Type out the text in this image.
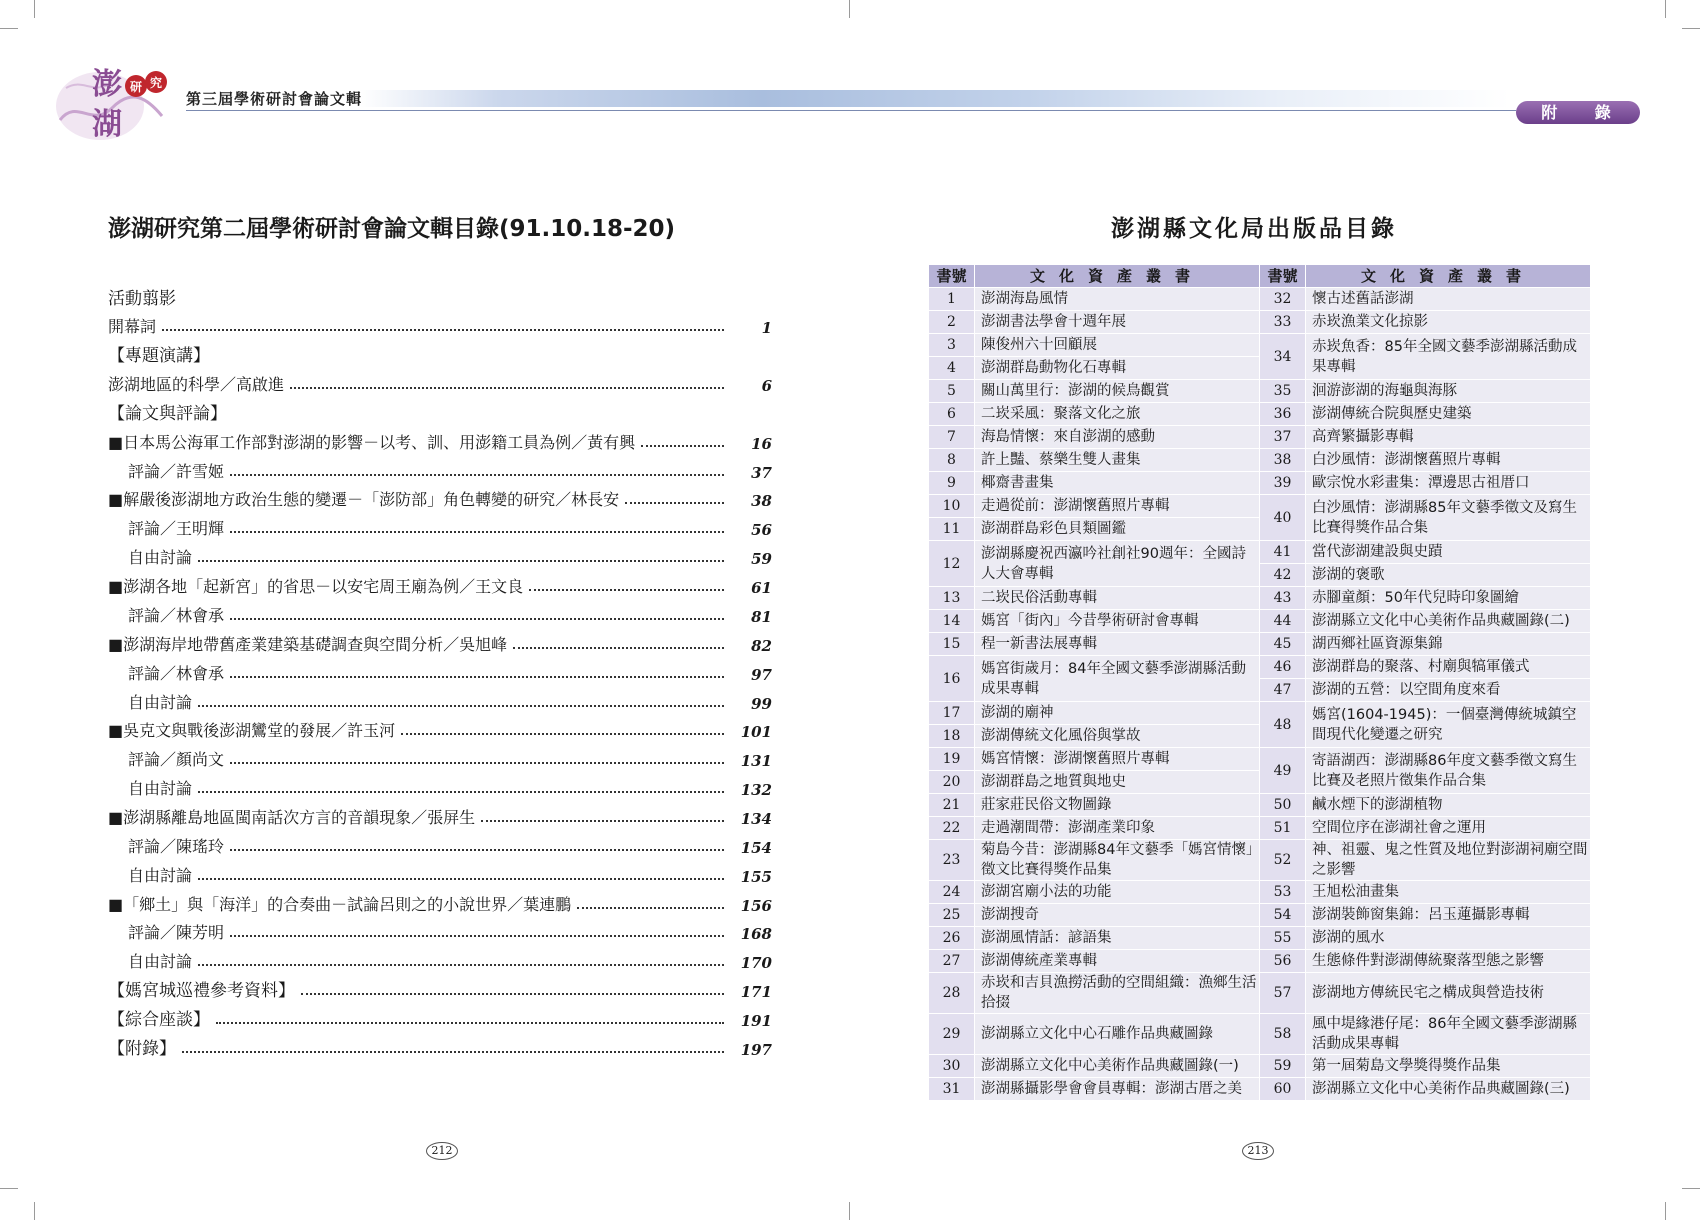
澎
湖
研 究
第三屆學術研討會論文輯
附 錄
澎湖研究第二屆學術研討會論文輯目錄(91.10.18-20)
活動翦影
開幕詞	1
【專題演講】
澎湖地區的科學／高啟進	6
【論文與評論】
■日本馬公海軍工作部對澎湖的影響－以考、訓、用澎籍工員為例／黃有興	16
評論／許雪姬	37
■解嚴後澎湖地方政治生態的變遷－「澎防部」角色轉變的研究／林長安	38
評論／王明輝	56
自由討論	59
■澎湖各地「起新宮」的省思－以安宅周王廟為例／王文良	61
評論／林會承	81
■澎湖海岸地帶舊產業建築基礎調查與空間分析／吳旭峰	82
評論／林會承	97
自由討論	99
■吳克文與戰後澎湖鸞堂的發展／許玉河	101
評論／顏尚文	131
自由討論	132
■澎湖縣離島地區閩南話次方言的音韻現象／張屏生	134
評論／陳瑤玲	154
自由討論	155
■「鄉土」與「海洋」的合奏曲－試論呂則之的小說世界／葉連鵬	156
評論／陳芳明	168
自由討論	170
【媽宮城巡禮參考資料】	171
【綜合座談】	191
【附錄】	197
澎湖縣文化局出版品目錄
書號	文化資產叢書	書號	文化資產叢書
1	澎湖海島風情	32	懷古述舊話澎湖
2	澎湖書法學會十週年展	33	赤崁漁業文化掠影
3	陳俊州六十回顧展	34	赤崁魚香：85年全國文藝季澎湖縣活動成果專輯
4	澎湖群島動物化石專輯		
5	關山萬里行：澎湖的候鳥觀賞	35	洄游澎湖的海龜與海豚
6	二崁采風：聚落文化之旅	36	澎湖傳統合院與歷史建築
7	海島情懷：來自澎湖的感動	37	高齊繁攝影專輯
8	許上豔、蔡樂生雙人畫集	38	白沙風情：澎湖懷舊照片專輯
9	椰齋書畫集	39	歐宗悅水彩畫集：潭邊思古祖厝口
10	走過從前：澎湖懷舊照片專輯	40	白沙風情：澎湖縣85年文藝季徵文及寫生比賽得獎作品合集
11	澎湖群島彩色貝類圖鑑		
12	澎湖縣慶祝西瀛吟社創社90週年：全國詩人大會專輯	41	當代澎湖建設與史蹟
		42	澎湖的褒歌
13	二崁民俗活動專輯	43	赤腳童顏：50年代兒時印象圖繪
14	媽宮「街內」今昔學術研討會專輯	44	澎湖縣立文化中心美術作品典藏圖錄(二)
15	程一新書法展專輯	45	湖西鄉社區資源集錦
16	媽宮街歲月：84年全國文藝季澎湖縣活動成果專輯	46	澎湖群島的聚落、村廟與犒軍儀式
		47	澎湖的五營：以空間角度來看
17	澎湖的廟神	48	媽宮(1604-1945)：一個臺灣傳統城鎮空間現代化變遷之研究
18	澎湖傳統文化風俗與掌故		
19	媽宮情懷：澎湖懷舊照片專輯	49	寄語湖西：澎湖縣86年度文藝季徵文寫生比賽及老照片徵集作品合集
20	澎湖群島之地質與地史		
21	莊家莊民俗文物圖錄	50	鹹水煙下的澎湖植物
22	走過潮間帶：澎湖產業印象	51	空間位序在澎湖社會之運用
23	菊島今昔：澎湖縣84年文藝季「媽宮情懷」徵文比賽得獎作品集	52	神、祖靈、鬼之性質及地位對澎湖祠廟空間之影響
24	澎湖宮廟小法的功能	53	王旭松油畫集
25	澎湖搜奇	54	澎湖裝飾窗集錦：呂玉蓮攝影專輯
26	澎湖風情話：諺語集	55	澎湖的風水
27	澎湖傳統產業專輯	56	生態條件對澎湖傳統聚落型態之影響
28	赤崁和吉貝漁撈活動的空間組織：漁鄉生活拾掇	57	澎湖地方傳統民宅之構成與營造技術
29	澎湖縣立文化中心石雕作品典藏圖錄	58	風中堤緣港仔尾：86年全國文藝季澎湖縣活動成果專輯
30	澎湖縣立文化中心美術作品典藏圖錄(一)	59	第一屆菊島文學獎得獎作品集
31	澎湖縣攝影學會會員專輯：澎湖古厝之美	60	澎湖縣立文化中心美術作品典藏圖錄(三)
212	213
